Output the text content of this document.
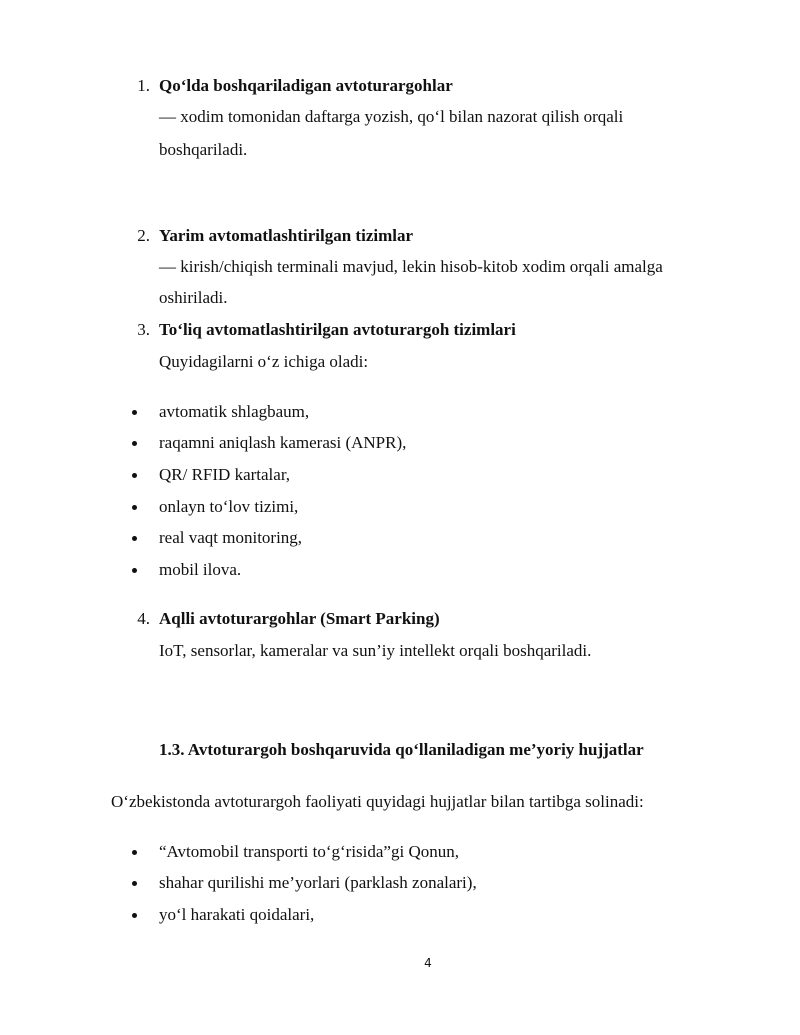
1. Qo‘lda boshqariladigan avtoturargohlar
— xodim tomonidan daftarga yozish, qo‘l bilan nazorat qilish orqali
boshqariladi.
2. Yarim avtomatlashtirilgan tizimlar
— kirish/chiqish terminali mavjud, lekin hisob-kitob xodim orqali amalga
oshiriladi.
3. To‘liq avtomatlashtirilgan avtoturargoh tizimlari
Quyidagilarni o‘z ichiga oladi:
avtomatik shlagbaum,
raqamni aniqlash kamerasi (ANPR),
QR/ RFID kartalar,
onlayn to‘lov tizimi,
real vaqt monitoring,
mobil ilova.
4. Aqlli avtoturargohlar (Smart Parking)
IoT, sensorlar, kameralar va sun’iy intellekt orqali boshqariladi.
1.3. Avtoturargoh boshqaruvida qo‘llaniladigan me’yoriy hujjatlar
O‘zbekistonda avtoturargoh faoliyati quyidagi hujjatlar bilan tartibga solinadi:
“Avtomobil transporti to‘g‘risida”gi Qonun,
shahar qurilishi me’yorlari (parklash zonalari),
yo‘l harakati qoidalari,
4
